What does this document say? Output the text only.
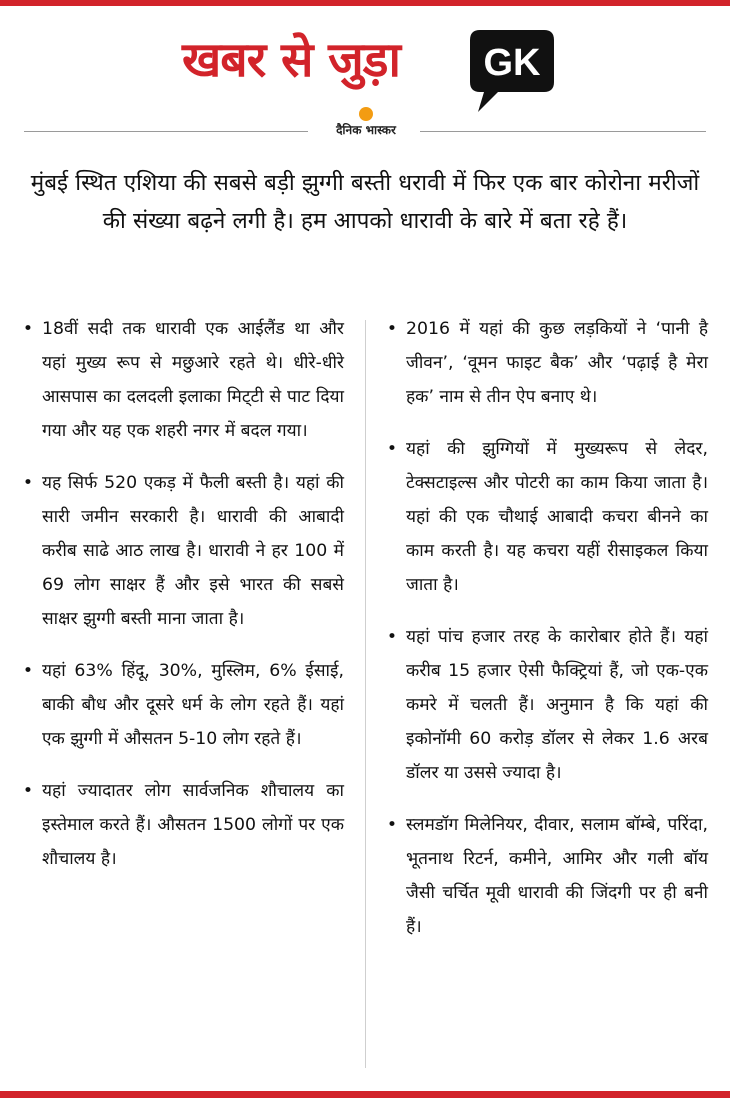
खबर से जुड़ा GK
दैनिक भास्कर

मुंबई स्थित एशिया की सबसे बड़ी झुग्गी बस्ती धरावी में फिर एक बार कोरोना मरीजों की संख्या बढ़ने लगी है। हम आपको धारावी के बारे में बता रहे हैं।

• 18वीं सदी तक धारावी एक आईलैंड था और यहां मुख्य रूप से मछुआरे रहते थे। धीरे-धीरे आसपास का दलदली इलाका मिट्‌टी से पाट दिया गया और यह एक शहरी नगर में बदल गया।
• यह सिर्फ 520 एकड़ में फैली बस्ती है। यहां की सारी जमीन सरकारी है। धारावी की आबादी करीब साढे आठ लाख है। धारावी ने हर 100 में 69 लोग साक्षर हैं और इसे भारत की सबसे साक्षर झुग्गी बस्ती माना जाता है।
• यहां 63% हिंदू, 30%, मुस्लिम, 6% ईसाई, बाकी बौध और दूसरे धर्म के लोग रहते हैं। यहां एक झुग्गी में औसतन 5-10 लोग रहते हैं।
• यहां ज्यादातर लोग सार्वजनिक शौचालय का इस्तेमाल करते हैं। औसतन 1500 लोगों पर एक शौचालय है।
• 2016 में यहां की कुछ लड़कियों ने ‘पानी है जीवन’, ‘वूमन फाइट बैक’ और ‘पढ़ाई है मेरा हक’ नाम से तीन ऐप बनाए थे।
• यहां की झुग्गियों में मुख्यरूप से लेदर, टेक्सटाइल्स और पोटरी का काम किया जाता है। यहां की एक चौथाई आबादी कचरा बीनने का काम करती है। यह कचरा यहीं रीसाइकल किया जाता है।
• यहां पांच हजार तरह के कारोबार होते हैं। यहां करीब 15 हजार ऐसी फैक्ट्रियां हैं, जो एक-एक कमरे में चलती हैं। अनुमान है कि यहां की इकोनॉमी 60 करोड़ डॉलर से लेकर 1.6 अरब डॉलर या उससे ज्यादा है।
• स्लमडॉग मिलेनियर, दीवार, सलाम बॉम्बे, परिंदा, भूतनाथ रिटर्न, कमीने, आमिर और गली बॉय जैसी चर्चित मूवी धारावी की जिंदगी पर ही बनी हैं।
